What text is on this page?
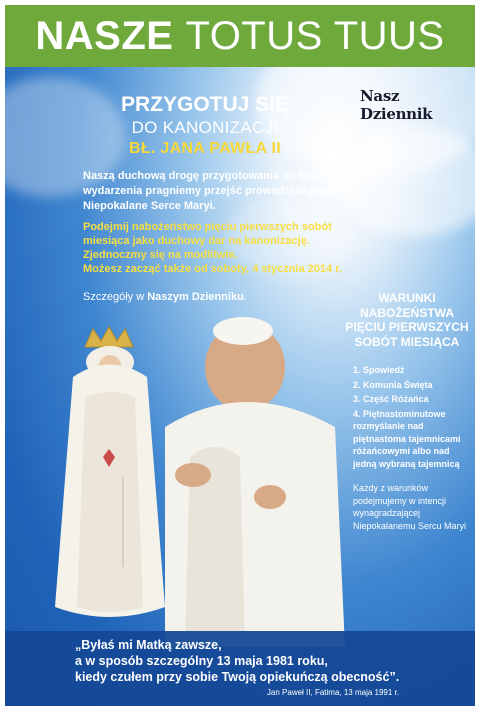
NASZE TOTUS TUUS
Nasz Dziennik
PRZYGOTUJ SIĘ
DO KANONIZACJI
BŁ. JANA PAWŁA II
Naszą duchową drogę przygotowania do tego wydarzenia pragniemy przejść prowadzeni przez Niepokalane Serce Maryi.
Podejmij nabożeństwo pięciu pierwszych sobót miesiąca jako duchowy dar na kanonizację.
Zjednoczmy się na modlitwie.
Możesz zacząć także od soboty, 4 stycznia 2014 r.
Szczegóły w Naszym Dzienniku.	WARUNKI NABOŻEŃSTWA PIĘCIU PIERWSZYCH SOBÓT MIESIĄCA
1. Spowiedź
2. Komunia Święta
3. Część Różańca
4. Piętnastominutowe rozmyślanie nad piętnastoma tajemnicami różańcowymi albo nad jedną wybraną tajemnicą
Każdy z warunków podejmujemy w intencji wynagradzającej Niepokalanemu Sercu Maryi
„Byłaś mi Matką zawsze,
a w sposób szczególny 13 maja 1981 roku,
kiedy czułem przy sobie Twoją opiekuńczą obecność”.
Jan Paweł II, Fatima, 13 maja 1991 r.
